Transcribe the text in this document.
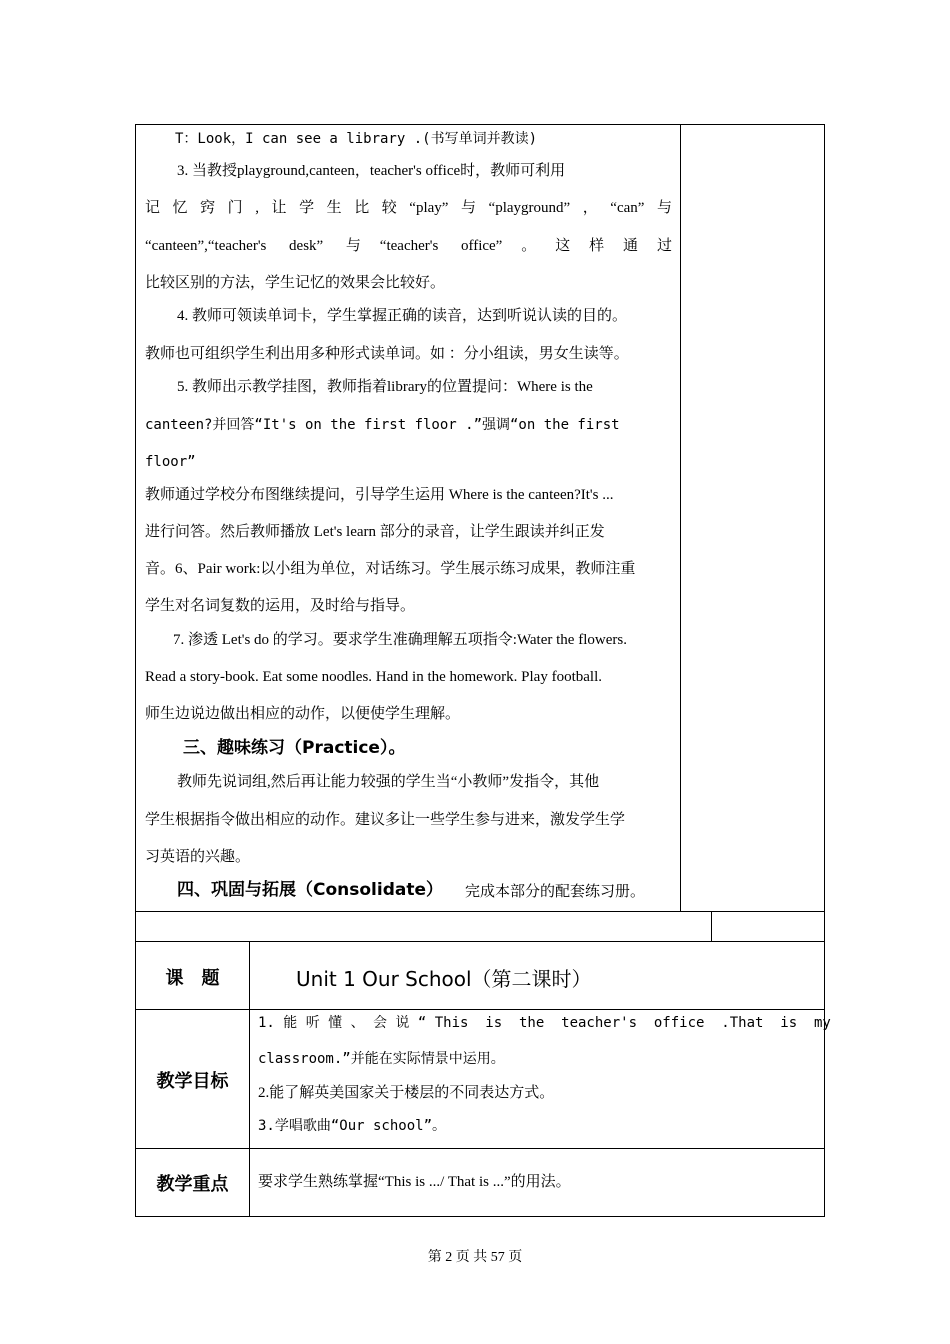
T：Look，I can see a library .(书写单词并教读)
3. 当教授playground,canteen，teacher's office时，教师可利用
记忆窍门,让学生比较“play”与“playground”，“can”与
“canteen”,“teacher's desk” 与“teacher's office”。这样通过
比较区别的方法，学生记忆的效果会比较好。
4. 教师可领读单词卡，学生掌握正确的读音，达到听说认读的目的。
教师也可组织学生利出用多种形式读单词。如 ：分小组读，男女生读等。
5. 教师出示教学挂图，教师指着library的位置提问：Where is the
canteen?并回答“It's on the first floor .”强调“on the first
floor”
教师通过学校分布图继续提问，引导学生运用 Where is the canteen?It's ...
进行问答。然后教师播放 Let's learn 部分的录音，让学生跟读并纠正发
音。6、Pair work:以小组为单位，对话练习。学生展示练习成果，教师注重
学生对名词复数的运用，及时给与指导。
7. 渗透 Let's do 的学习。要求学生准确理解五项指令:Water the flowers.
Read a story-book. Eat some noodles. Hand in the homework. Play football.
师生边说边做出相应的动作，以便使学生理解。
三、趣味练习（Practice）。
教师先说词组,然后再让能力较强的学生当“小教师”发指令，其他
学生根据指令做出相应的动作。建议多让一些学生参与进来，激发学生学
习英语的兴趣。
四、巩固与拓展（Consolidate） 完成本部分的配套练习册。
课　题	Unit 1 Our School（第二课时）
教学目标
1. 能 听 懂 、 会 说 “ This  is  the  teacher's  office  .That  is  my
classroom.”并能在实际情景中运用。
2.能了解英美国家关于楼层的不同表达方式。
3.学唱歌曲“Our school”。
教学重点	要求学生熟练掌握“This is .../ That is ...”的用法。
第 2 页 共 57 页
